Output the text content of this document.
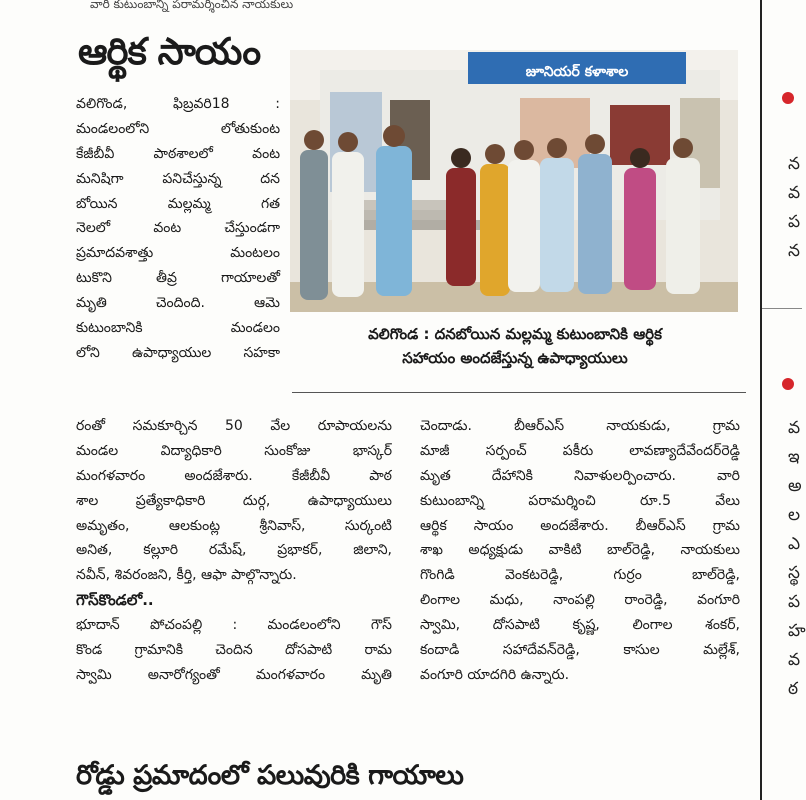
వారి కుటుంబాన్ని పరామర్శించిన నాయకులు
ఆర్థిక సాయం
వలిగొండ, ఫిబ్రవరి18 :
మండలంలోని లోతుకుంట
కేజీబీవీ పాఠశాలలో వంట
మనిషిగా పనిచేస్తున్న దన
బోయిన మల్లమ్మ గత
నెలలో వంట చేస్తుండగా
ప్రమాదవశాత్తు మంటలం
టుకొని తీవ్ర గాయాలతో
మృతి చెందింది. ఆమె
కుటుంబానికి మండలం
లోని ఉపాధ్యాయుల సహకా
జూనియర్ కళాశాల
వలిగొండ : దనబోయిన మల్లమ్మ కుటుంబానికి ఆర్థిక
సహాయం అందజేస్తున్న ఉపాధ్యాయులు
రంతో సమకూర్చిన 50 వేల రూపాయలను
మండల విద్యాధికారి సుంకోజు భాస్కర్
మంగళవారం అందజేశారు. కేజీబీవీ పాఠ
శాల ప్రత్యేకాధికారి దుర్గ, ఉపాధ్యాయులు
అమృతం, ఆలకుంట్ల శ్రీనివాస్, సుర్కంటి
అనిత, కల్లూరి రమేష్, ప్రభాకర్, జిలాని,
నవీన్, శివరంజని, కీర్తి, ఆఫా పాల్గొన్నారు.
గౌస్‌కొండలో..
భూదాన్ పోచంపల్లి : మండలంలోని గౌస్
కొండ గ్రామానికి చెందిన దోసపాటి రామ
స్వామి అనారోగ్యంతో మంగళవారం మృతి
చెందాడు. బీఆర్ఎస్ నాయకుడు, గ్రామ
మాజీ సర్పంచ్ పకీరు లావణ్యాదేవేందర్‌రెడ్డి
మృత దేహానికి నివాళులర్పించారు. వారి
కుటుంబాన్ని పరామర్శించి రూ.5 వేలు
ఆర్థిక సాయం అందజేశారు. బీఆర్ఎస్ గ్రామ
శాఖ అధ్యక్షుడు వాకిటి బాల్‌రెడ్డి, నాయకులు
గొంగిడి వెంకటరెడ్డి, గుర్రం బాల్‌రెడ్డి,
లింగాల మధు, నాంపల్లి రాంరెడ్డి, వంగూరి
స్వామి, దోసపాటి కృష్ణ, లింగాల శంకర్,
కందాడి సహాదేవన్‌రెడ్డి, కాసుల మల్లేశ్,
వంగూరి యాదగిరి ఉన్నారు.
రోడ్డు ప్రమాదంలో పలువురికి గాయాలు
న
వ
ప
న
వ
ఇ
అ
ల
ఎ
స్థ
ప
హ
వ
ఠ
